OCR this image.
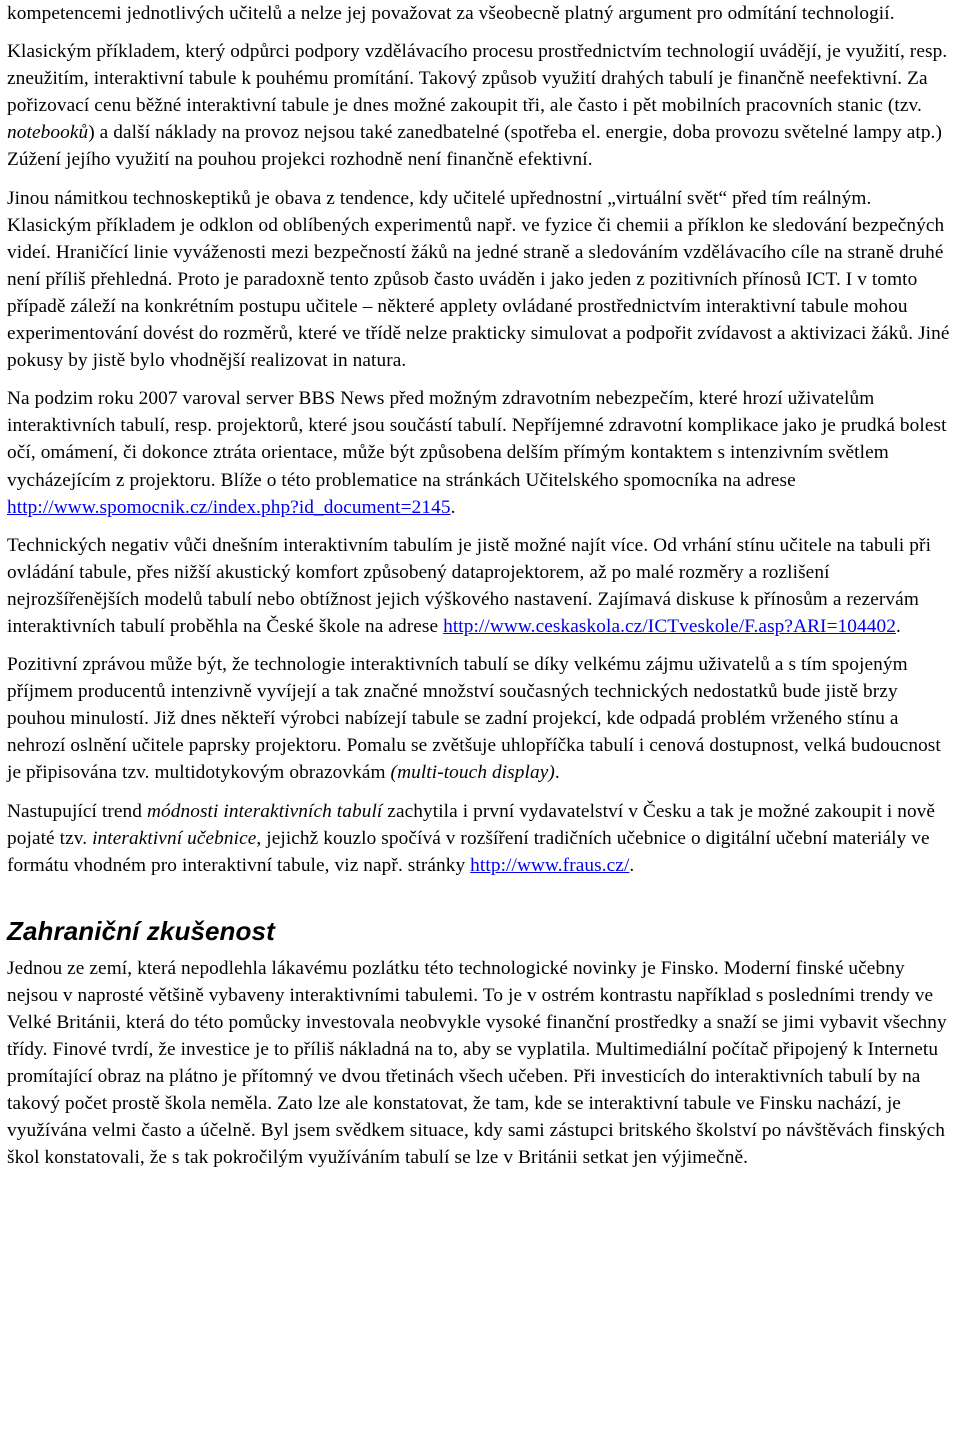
kompetencemi jednotlivých učitelů a nelze jej považovat za všeobecně platný argument pro odmítání technologií.

Klasickým příkladem, který odpůrci podpory vzdělávacího procesu prostřednictvím technologií uvádějí, je využití, resp. zneužitím, interaktivní tabule k pouhému promítání. Takový způsob využití drahých tabulí je finančně neefektivní. Za pořizovací cenu běžné interaktivní tabule je dnes možné zakoupit tři, ale často i pět mobilních pracovních stanic (tzv. notebooků) a další náklady na provoz nejsou také zanedbatelné (spotřeba el. energie, doba provozu světelné lampy atp.) Zúžení jejího využití na pouhou projekci rozhodně není finančně efektivní.

Jinou námitkou technoskeptiků je obava z tendence, kdy učitelé upřednostní „virtuální svět“ před tím reálným. Klasickým příkladem je odklon od oblíbených experimentů např. ve fyzice či chemii a příklon ke sledování bezpečných videí. Hraničící linie vyváženosti mezi bezpečností žáků na jedné straně a sledováním vzdělávacího cíle na straně druhé není příliš přehledná. Proto je paradoxně tento způsob často uváděn i jako jeden z pozitivních přínosů ICT. I v tomto případě záleží na konkrétním postupu učitele – některé applety ovládané prostřednictvím interaktivní tabule mohou experimentování dovést do rozměrů, které ve třídě nelze prakticky simulovat a podpořit zvídavost a aktivizaci žáků. Jiné pokusy by jistě bylo vhodnější realizovat in natura.

Na podzim roku 2007 varoval server BBS News před možným zdravotním nebezpečím, které hrozí uživatelům interaktivních tabulí, resp. projektorů, které jsou součástí tabulí. Nepříjemné zdravotní komplikace jako je prudká bolest očí, omámení, či dokonce ztráta orientace, může být způsobena delším přímým kontaktem s intenzivním světlem vycházejícím z projektoru. Blíže o této problematice na stránkách Učitelského spomocníka na adrese http://www.spomocnik.cz/index.php?id_document=2145.

Technických negativ vůči dnešním interaktivním tabulím je jistě možné najít více. Od vrhání stínu učitele na tabuli při ovládání tabule, přes nižší akustický komfort způsobený dataprojektorem, až po malé rozměry a rozlišení nejrozšířenějších modelů tabulí nebo obtížnost jejich výškového nastavení. Zajímavá diskuse k přínosům a rezervám interaktivních tabulí proběhla na České škole na adrese http://www.ceskaskola.cz/ICTveskole/F.asp?ARI=104402.

Pozitivní zprávou může být, že technologie interaktivních tabulí se díky velkému zájmu uživatelů a s tím spojeným příjmem producentů intenzivně vyvíjejí a tak značné množství současných technických nedostatků bude jistě brzy pouhou minulostí. Již dnes někteří výrobci nabízejí tabule se zadní projekcí, kde odpadá problém vrženého stínu a nehrozí oslnění učitele paprsky projektoru. Pomalu se zvětšuje uhlopříčka tabulí i cenová dostupnost, velká budoucnost je připisována tzv. multidotykovým obrazovkám (multi-touch display).

Nastupující trend módnosti interaktivních tabulí zachytila i první vydavatelství v Česku a tak je možné zakoupit i nově pojaté tzv. interaktivní učebnice, jejichž kouzlo spočívá v rozšíření tradičních učebnice o digitální učební materiály ve formátu vhodném pro interaktivní tabule, viz např. stránky http://www.fraus.cz/.

Zahraniční zkušenost

Jednou ze zemí, která nepodlehla lákavému pozlátku této technologické novinky je Finsko. Moderní finské učebny nejsou v naprosté většině vybaveny interaktivními tabulemi. To je v ostrém kontrastu například s posledními trendy ve Velké Británii, která do této pomůcky investovala neobvykle vysoké finanční prostředky a snaží se jimi vybavit všechny třídy. Finové tvrdí, že investice je to příliš nákladná na to, aby se vyplatila. Multimediální počítač připojený k Internetu promítající obraz na plátno je přítomný ve dvou třetinách všech učeben. Při investicích do interaktivních tabulí by na takový počet prostě škola neměla. Zato lze ale konstatovat, že tam, kde se interaktivní tabule ve Finsku nachází, je využívána velmi často a účelně. Byl jsem svědkem situace, kdy sami zástupci britského školství po návštěvách finských škol konstatovali, že s tak pokročilým využíváním tabulí se lze v Británii setkat jen výjimečně.
